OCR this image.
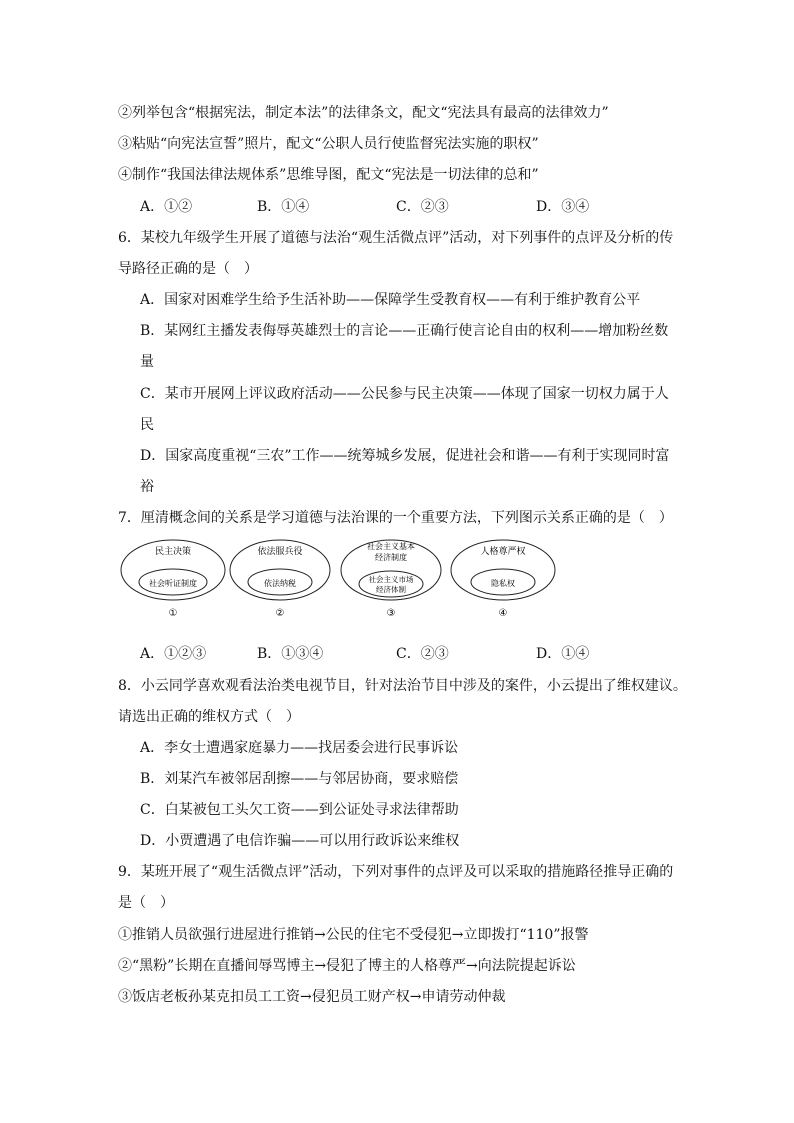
②列举包含“根据宪法，制定本法”的法律条文，配文“宪法具有最高的法律效力”
③粘贴“向宪法宣誓”照片，配文“公职人员行使监督宪法实施的职权”
④制作“我国法律法规体系”思维导图，配文“宪法是一切法律的总和”
A．①②	B．①④	C．②③	D．③④
6．某校九年级学生开展了道德与法治“观生活微点评”活动，对下列事件的点评及分析的传
导路径正确的是（　）
A．国家对困难学生给予生活补助——保障学生受教育权——有利于维护教育公平
B．某网红主播发表侮辱英雄烈士的言论——正确行使言论自由的权利——增加粉丝数
量
C．某市开展网上评议政府活动——公民参与民主决策——体现了国家一切权力属于人
民
D．国家高度重视“三农”工作——统筹城乡发展，促进社会和谐——有利于实现同时富
裕
7．厘清概念间的关系是学习道德与法治课的一个重要方法，下列图示关系正确的是（　）
民主决策
社会听证制度
①
依法服兵役
依法纳税
②
社会主义基本
经济制度
社会主义市场
经济体制
③
人格尊严权
隐私权
④
A．①②③	B．①③④	C．②③	D．①④
8．小云同学喜欢观看法治类电视节目，针对法治节目中涉及的案件，小云提出了维权建议。
请选出正确的维权方式（　）
A．李女士遭遇家庭暴力——找居委会进行民事诉讼
B．刘某汽车被邻居刮擦——与邻居协商，要求赔偿
C．白某被包工头欠工资——到公证处寻求法律帮助
D．小贾遭遇了电信诈骗——可以用行政诉讼来维权
9．某班开展了“观生活微点评”活动，下列对事件的点评及可以采取的措施路径推导正确的
是（　）
①推销人员欲强行进屋进行推销→公民的住宅不受侵犯→立即拨打“110”报警
②“黑粉”长期在直播间辱骂博主→侵犯了博主的人格尊严→向法院提起诉讼
③饭店老板孙某克扣员工工资→侵犯员工财产权→申请劳动仲裁
